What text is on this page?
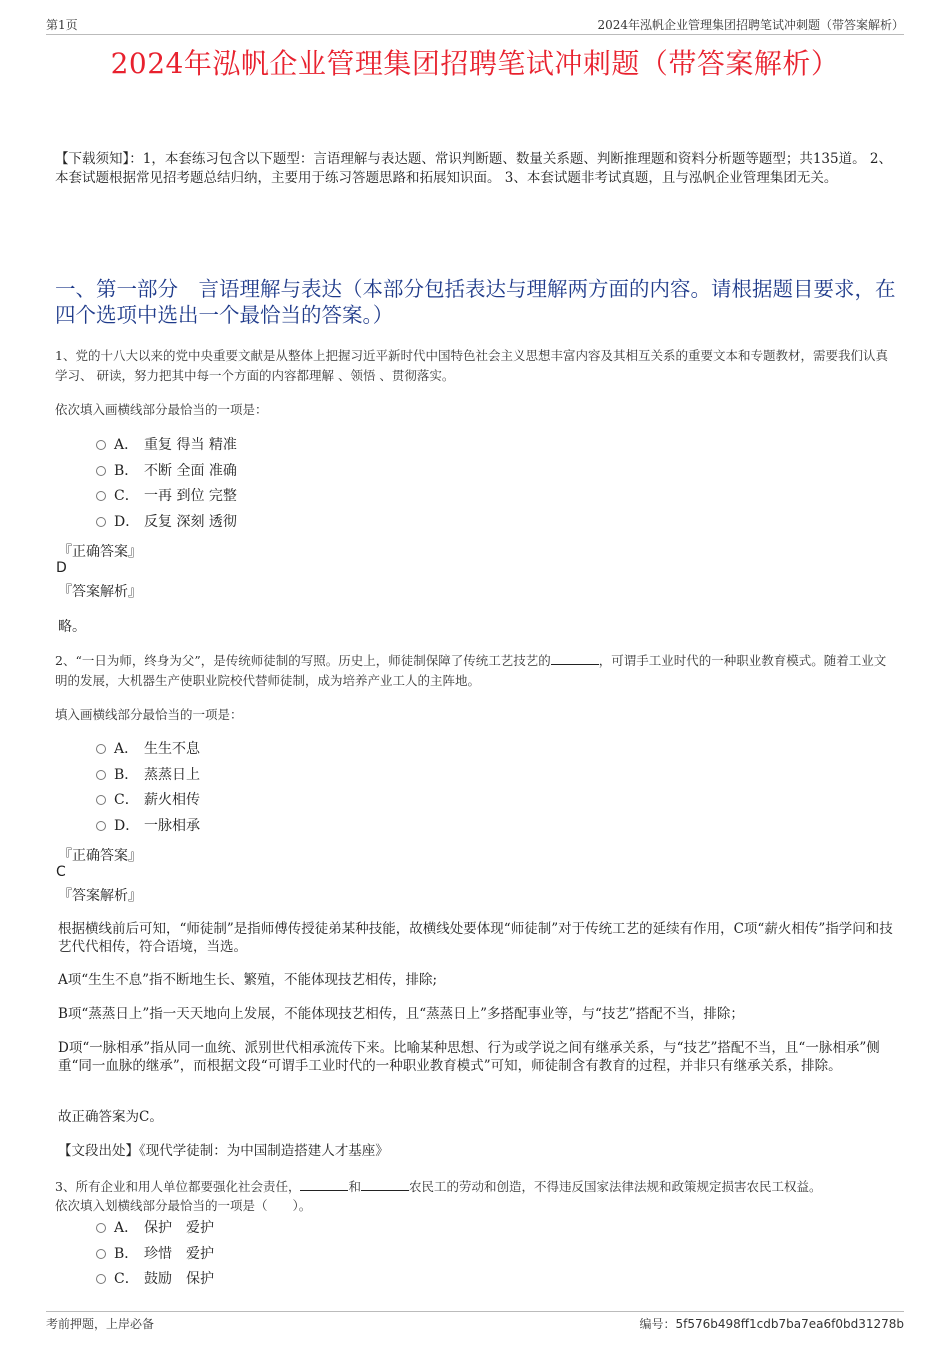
第1页	2024年泓帆企业管理集团招聘笔试冲刺题（带答案解析）
2024年泓帆企业管理集团招聘笔试冲刺题（带答案解析）
【下载须知】：1，本套练习包含以下题型：言语理解与表达题、常识判断题、数量关系题、判断推理题和资料分析题等题型；共135道。 2、本套试题根据常见招考题总结归纳，主要用于练习答题思路和拓展知识面。 3、本套试题非考试真题，且与泓帆企业管理集团无关。
一、第一部分　言语理解与表达（本部分包括表达与理解两方面的内容。请根据题目要求，在四个选项中选出一个最恰当的答案。）
1、党的十八大以来的党中央重要文献是从整体上把握习近平新时代中国特色社会主义思想丰富内容及其相互关系的重要文本和专题教材，需要我们认真学习、 研读，努力把其中每一个方面的内容都理解 、领悟 、贯彻落实。
依次填入画横线部分最恰当的一项是：
A． 重复 得当 精准
B． 不断 全面 准确
C． 一再 到位 完整
D． 反复 深刻 透彻
『正确答案』
D
『答案解析』
略。
2、“一日为师，终身为父”，是传统师徒制的写照。历史上，师徒制保障了传统工艺技艺的	，可谓手工业时代的一种职业教育模式。随着工业文明的发展，大机器生产使职业院校代替师徒制，成为培养产业工人的主阵地。
填入画横线部分最恰当的一项是：
A． 生生不息
B． 蒸蒸日上
C． 薪火相传
D． 一脉相承
『正确答案』
C
『答案解析』
根据横线前后可知，“师徒制”是指师傅传授徒弟某种技能，故横线处要体现“师徒制”对于传统工艺的延续有作用，C项“薪火相传”指学问和技艺代代相传，符合语境，当选。
A项“生生不息”指不断地生长、繁殖，不能体现技艺相传，排除;
B项“蒸蒸日上”指一天天地向上发展，不能体现技艺相传，且“蒸蒸日上”多搭配事业等，与“技艺”搭配不当，排除；
D项“一脉相承”指从同一血统、派别世代相承流传下来。比喻某种思想、行为或学说之间有继承关系，与“技艺”搭配不当，且“一脉相承”侧重“同一血脉的继承”，而根据文段“可谓手工业时代的一种职业教育模式”可知，师徒制含有教育的过程，并非只有继承关系，排除。
故正确答案为C。
【文段出处】《现代学徒制：为中国制造搭建人才基座》
3、所有企业和用人单位都要强化社会责任，	和	农民工的劳动和创造，不得违反国家法律法规和政策规定损害农民工权益。
依次填入划横线部分最恰当的一项是（　　）。
A． 保护　爱护
B． 珍惜　爱护
C． 鼓励　保护
考前押题，上岸必备	编号：5f576b498ff1cdb7ba7ea6f0bd31278b
